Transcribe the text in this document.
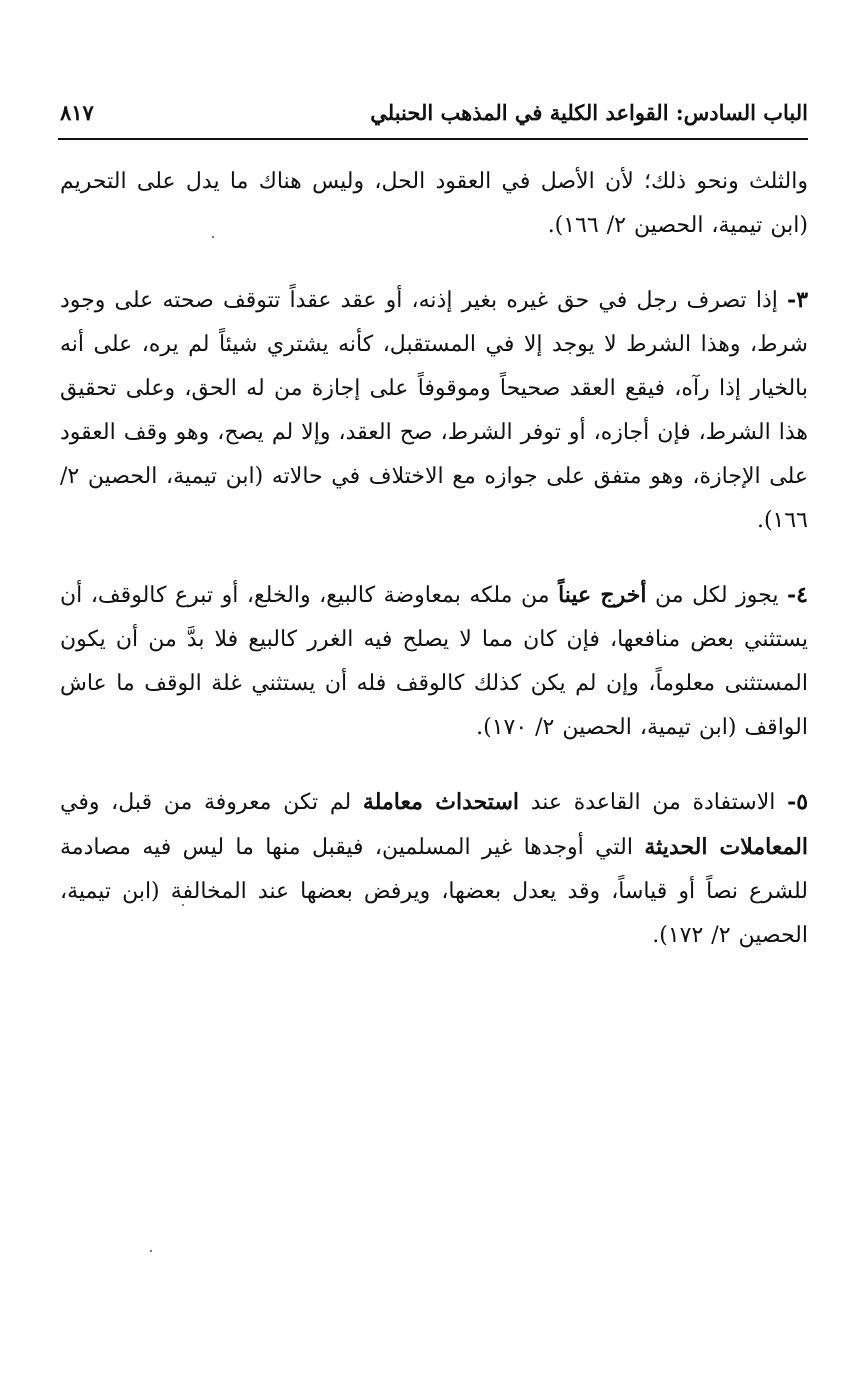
الباب السادس: القواعد الكلية في المذهب الحنبلي
٨١٧

والثلث ونحو ذلك؛ لأن الأصل في العقود الحل، وليس هناك ما يدل على التحريم (ابن تيمية، الحصين ٢/ ١٦٦).

٣- إذا تصرف رجل في حق غيره بغير إذنه، أو عقد عقداً تتوقف صحته على وجود شرط، وهذا الشرط لا يوجد إلا في المستقبل، كأنه يشتري شيئاً لم يره، على أنه بالخيار إذا رآه، فيقع العقد صحيحاً وموقوفاً على إجازة من له الحق، وعلى تحقيق هذا الشرط، فإن أجازه، أو توفر الشرط، صح العقد، وإلا لم يصح، وهو وقف العقود على الإجازة، وهو متفق على جوازه مع الاختلاف في حالاته (ابن تيمية، الحصين ٢/ ١٦٦).

٤- يجوز لكل من أخرج عيناً من ملكه بمعاوضة كالبيع، والخلع، أو تبرع كالوقف، أن يستثني بعض منافعها، فإن كان مما لا يصلح فيه الغرر كالبيع فلا بدَّ من أن يكون المستثنى معلوماً، وإن لم يكن كذلك كالوقف فله أن يستثني غلة الوقف ما عاش الواقف (ابن تيمية، الحصين ٢/ ١٧٠).

٥- الاستفادة من القاعدة عند استحداث معاملة لم تكن معروفة من قبل، وفي المعاملات الحديثة التي أوجدها غير المسلمين، فيقبل منها ما ليس فيه مصادمة للشرع نصاً أو قياساً، وقد يعدل بعضها، ويرفض بعضها عند المخالفة (ابن تيمية، الحصين ٢/ ١٧٢).
